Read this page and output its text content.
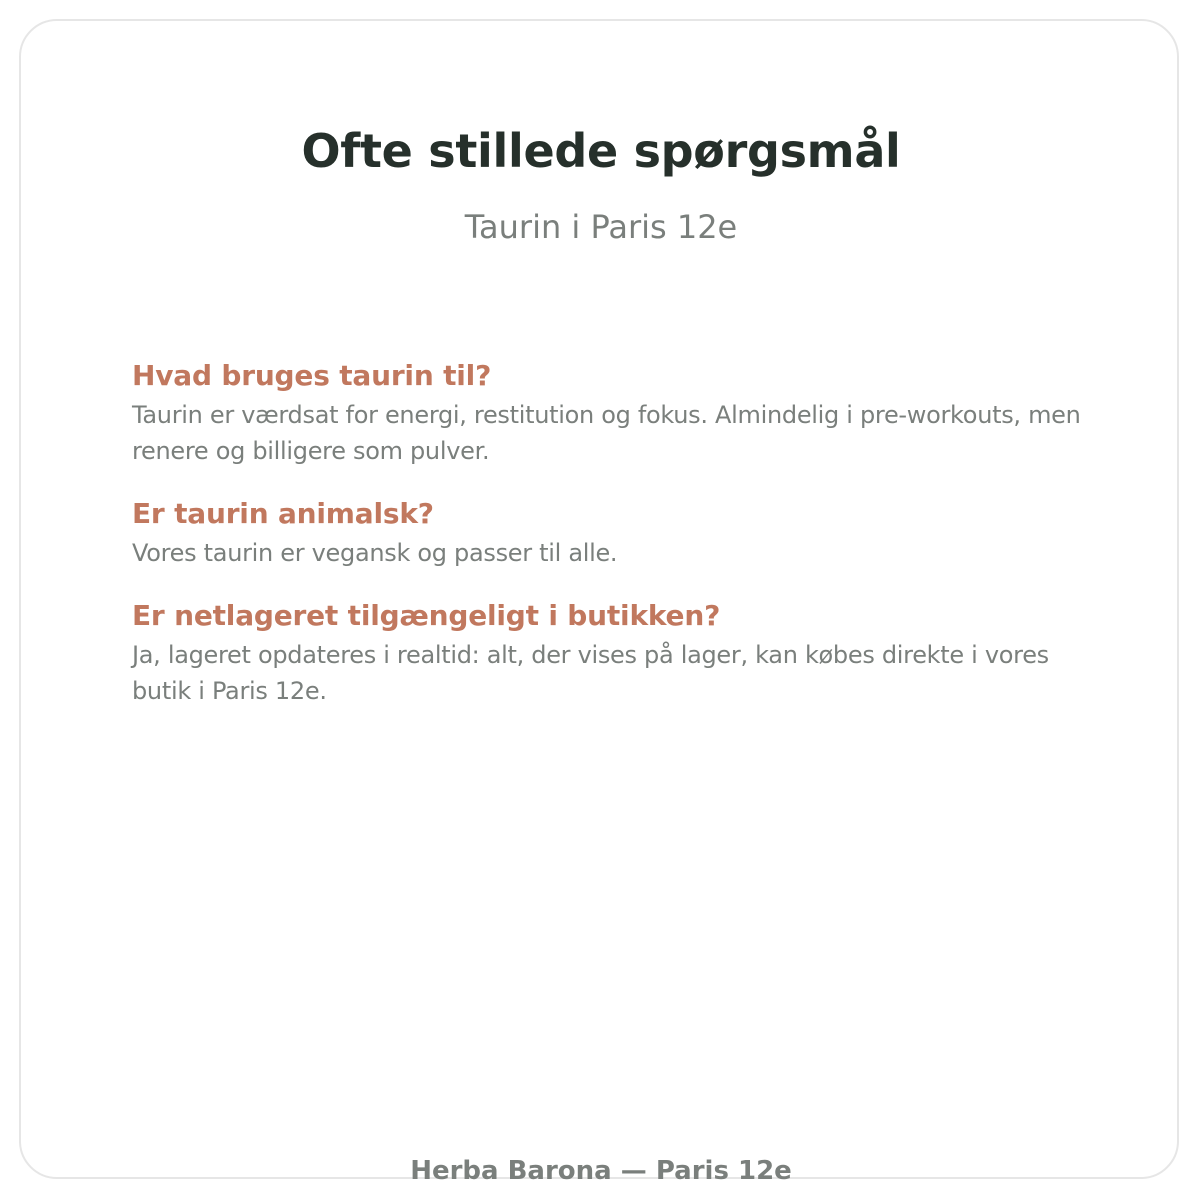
Ofte stillede spørgsmål
Taurin i Paris 12e
Hvad bruges taurin til?
Taurin er værdsat for energi, restitution og fokus. Almindelig i pre-workouts, men renere og billigere som pulver.
Er taurin animalsk?
Vores taurin er vegansk og passer til alle.
Er netlageret tilgængeligt i butikken?
Ja, lageret opdateres i realtid: alt, der vises på lager, kan købes direkte i vores butik i Paris 12e.
Herba Barona — Paris 12e
